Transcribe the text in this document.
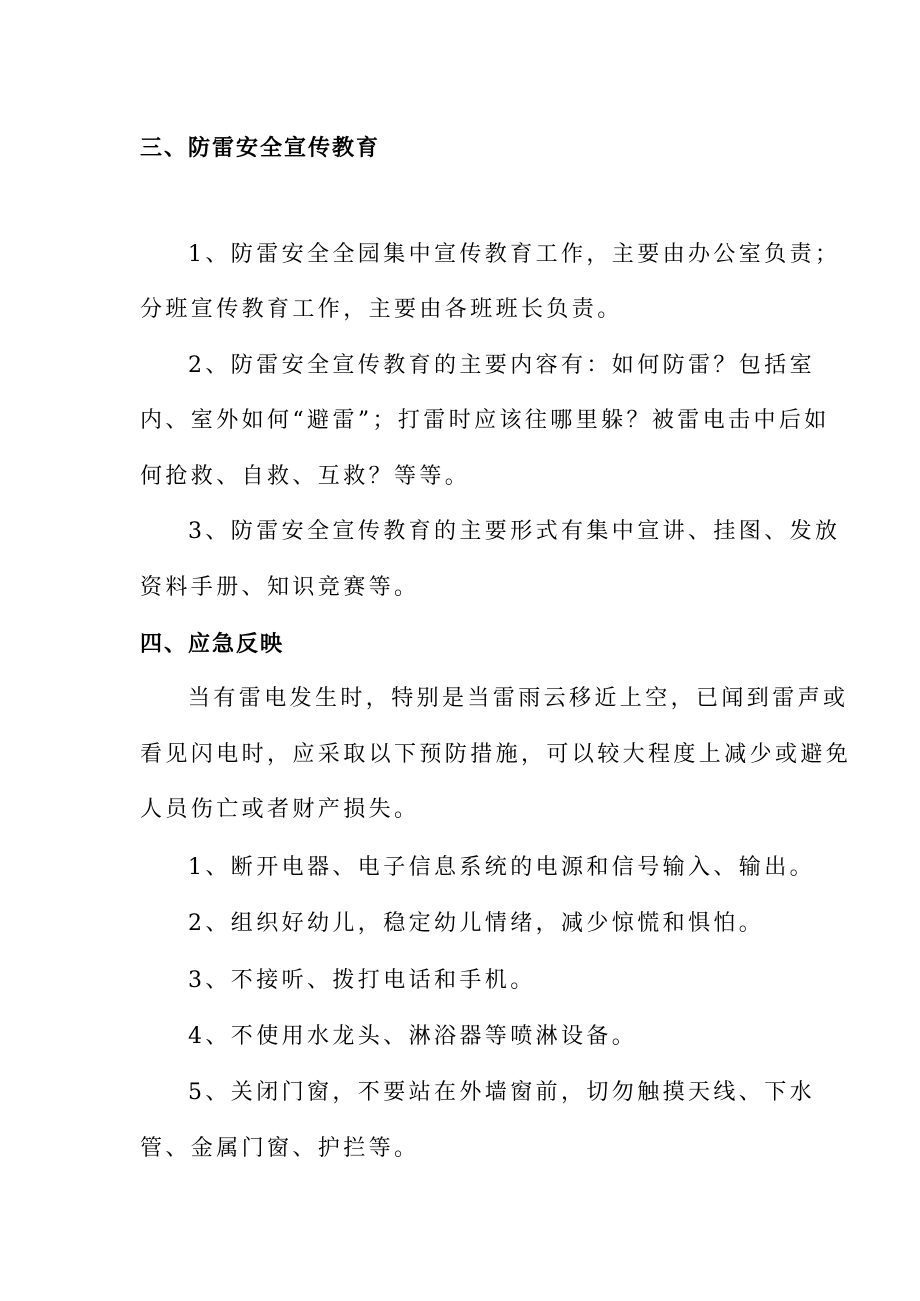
三、防雷安全宣传教育
1、防雷安全全园集中宣传教育工作，主要由办公室负责；
分班宣传教育工作，主要由各班班长负责。
2、防雷安全宣传教育的主要内容有：如何防雷？包括室
内、室外如何“避雷”；打雷时应该往哪里躲？被雷电击中后如
何抢救、自救、互救？等等。
3、防雷安全宣传教育的主要形式有集中宣讲、挂图、发放
资料手册、知识竞赛等。
四、应急反映
当有雷电发生时，特别是当雷雨云移近上空，已闻到雷声或
看见闪电时，应采取以下预防措施，可以较大程度上减少或避免
人员伤亡或者财产损失。
1、断开电器、电子信息系统的电源和信号输入、输出。
2、组织好幼儿，稳定幼儿情绪，减少惊慌和惧怕。
3、不接听、拨打电话和手机。
4、不使用水龙头、淋浴器等喷淋设备。
5、关闭门窗，不要站在外墙窗前，切勿触摸天线、下水
管、金属门窗、护拦等。
